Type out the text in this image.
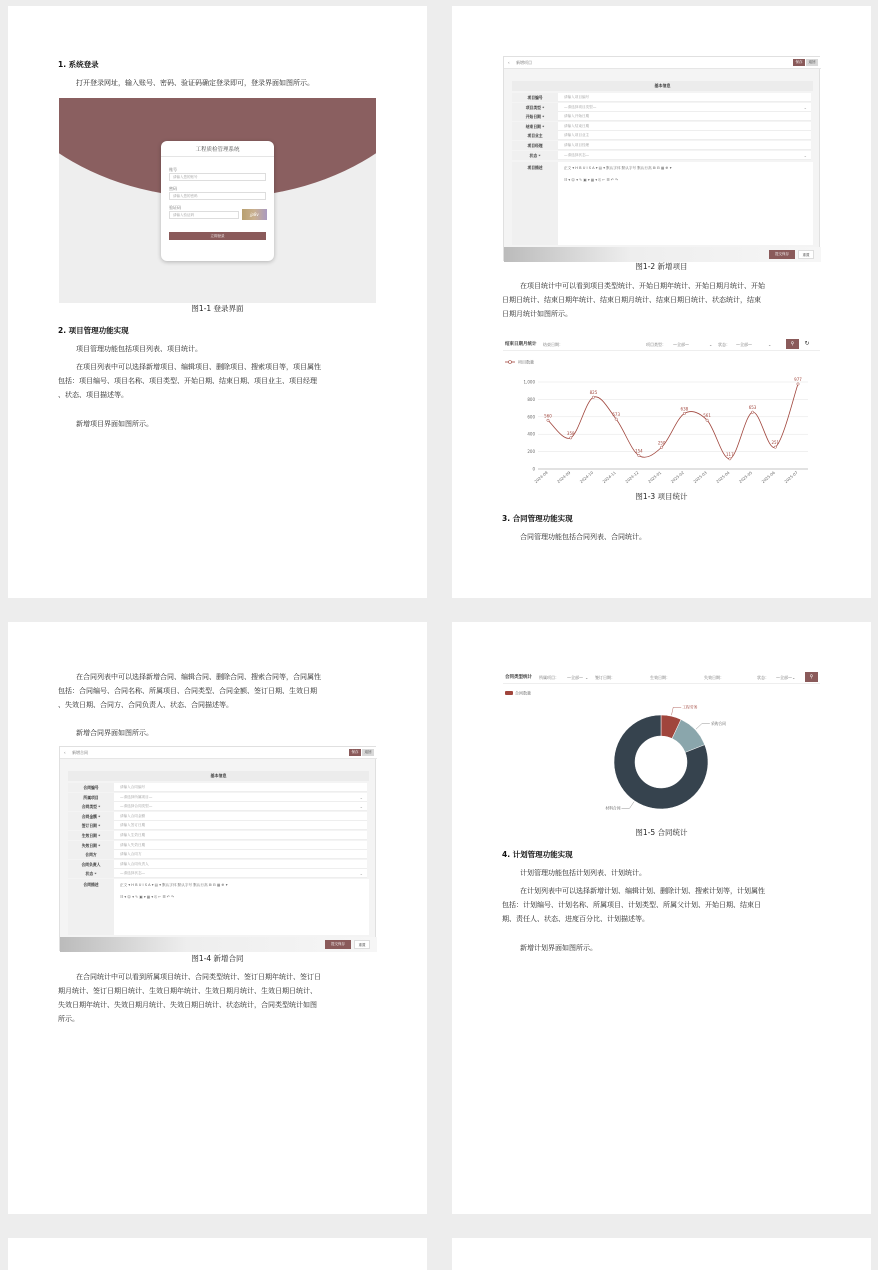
1. 系统登录
打开登录网址，输入账号、密码、验证码确定登录即可，登录界面如图所示。
工程质检管理系统
账号
请输入您的账号
密码
请输入您的密码
验证码
请输入验证码	jp8v
立即登录
图1-1 登录界面
2. 项目管理功能实现
项目管理功能包括项目列表、项目统计。
在项目列表中可以选择新增项目、编辑项目、删除项目、搜索项目等，项目属性
包括：项目编号、项目名称、项目类型、开始日期、结束日期、项目业主、项目经理
、状态、项目描述等。
新增项目界面如图所示。
‹ 新增项目	保存	返回
基本信息
项目编号	请输入项目编号
项目类型 *	—请选择项目类型—	⌄
开始日期 *	请输入开始日期
结束日期 *	请输入结束日期
项目业主	请输入项目业主
项目经理	请输入项目经理
状态 *	—请选择状态—	⌄
项目描述	正文 ▾ H B U I S A ▾ ▤ ▾ 默认字体 默认字号 默认行高 ⊞ ⊟ ▦ ⊕ ▾
☷ ▾ ☺ ▾ ✎ ▣ ▾ ▦ ▾ ⎘ ← ☰ ↶ ↷
提交保存	重置
图1-2 新增项目
在项目统计中可以看到项目类型统计、开始日期年统计、开始日期月统计、开始
日期日统计、结束日期年统计、结束日期月统计、结束日期日统计、状态统计，结束
日期月统计如图所示。
结束日期月统计 结束日期：	项目类型： —全部—	⌄ 状态： —全部—	⌄	⚲	↻
项目数量
0
200
400
600
800
1,000
2024-08 2024-09 2024-10 2024-11 2024-12 2025-01 2025-02 2025-03 2025-04 2025-05 2025-06 2025-07
560
358
825
573
154
250
638
561
117
653
251
977
图1-3 项目统计
3. 合同管理功能实现
合同管理功能包括合同列表、合同统计。
在合同列表中可以选择新增合同、编辑合同、删除合同、搜索合同等，合同属性
包括：合同编号、合同名称、所属项目、合同类型、合同金额、签订日期、生效日期
、失效日期、合同方、合同负责人、状态、合同描述等。
新增合同界面如图所示。
‹ 新增合同	保存	返回
基本信息
合同编号	请输入合同编号
所属项目	—请选择所属项目—	⌄
合同类型 *	—请选择合同类型—	⌄
合同金额 *	请输入合同金额
签订日期 *	请输入签订日期
生效日期 *	请输入生效日期
失效日期 *	请输入失效日期
合同方	请输入合同方
合同负责人	请输入合同负责人
状态 *	—请选择状态—	⌄
合同描述	正文 ▾ H B U I S A ▾ ▤ ▾ 默认字体 默认字号 默认行高 ⊞ ⊟ ▦ ⊕ ▾
☷ ▾ ☺ ▾ ✎ ▣ ▾ ▦ ▾ ⎘ ← ☰ ↶ ↷
提交保存	重置
图1-4 新增合同
在合同统计中可以看到所属项目统计、合同类型统计、签订日期年统计、签订日
期月统计、签订日期日统计、生效日期年统计、生效日期月统计、生效日期日统计、
失效日期年统计、失效日期月统计、失效日期日统计、状态统计，合同类型统计如图
所示。
合同类型统计 所属项目： —全部— ⌄ 签订日期：	生效日期：	失效日期：	状态： —全部— ⌄	⚲
合同数量
工程劳务
采购合同
材料合同
图1-5 合同统计
4. 计划管理功能实现
计划管理功能包括计划列表、计划统计。
在计划列表中可以选择新增计划、编辑计划、删除计划、搜索计划等，计划属性
包括：计划编号、计划名称、所属项目、计划类型、所属父计划、开始日期、结束日
期、责任人、状态、进度百分比、计划描述等。
新增计划界面如图所示。
